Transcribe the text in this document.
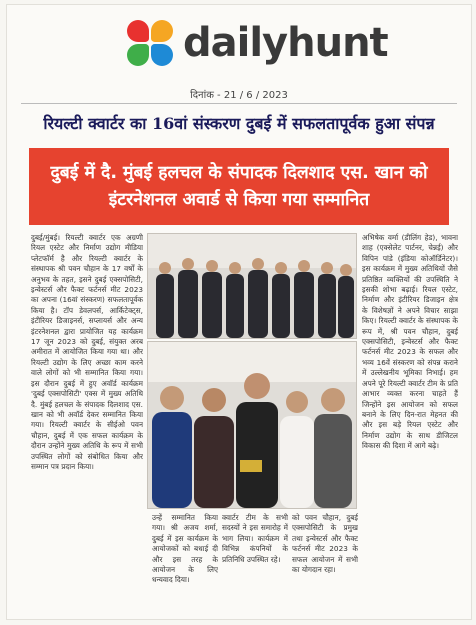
dailyhunt
दिनांक - 21 / 6 / 2023
रियल्टी क्वार्टर का 16वां संस्करण दुबई में सफलतापूर्वक हुआ संपन्न
दुबई में दै. मुंबई हलचल के संपादक दिलशाद एस. खान को
इंटरनेशनल अवार्ड से किया गया सम्मानित
दुबई/मुंबई। रियल्टी क्वार्टर एक अग्रणी रियल एस्टेट और निर्माण उद्योग मीडिया प्लेटफॉर्म है और रियल्टी क्वार्टर के संस्थापक श्री पवन चौहान के 17 वर्षों के अनुभव के तहत, इसने दुबई एक्सपोसिटी, इन्वेस्टर्स और फैक्ट फर्टनर्स मीट 2023 का अपना (16वां संस्करण) सफलतापूर्वक किया है। टॉप डेवलपर्स, आर्किटेक्ट्स, इंटीरियर डिजाइनर्स, सप्लायर्स और अन्य इंटरनेशनल द्वारा प्रायोजित यह कार्यक्रम 17 जून 2023 को दुबई, संयुक्त अरब अमीरात में आयोजित किया गया था। और रियल्टी उद्योग के लिए अच्छा काम करने वाले लोगों को भी सम्मानित किया गया। इस दौरान दुबई में हुए अवॉर्ड कार्यक्रम 'दुबई एक्सपोसिटी' एक्स में मुख्य अतिथि दै. मुंबई हलचल के संपादक दिलशाद एस. खान को भी अवॉर्ड देकर सम्मानित किया गया। रियल्टी क्वार्टर के सीईओ पवन चौहान, दुबई में एक सफल कार्यक्रम के दौरान उन्होंने मुख्य अतिथि के रूप में सभी उपस्थित लोगों को संबोधित किया और सम्मान पत्र प्रदान किया।
उन्हें सम्मानित किया गया। श्री अजय शर्मा, दुबई में इस कार्यक्रम के आयोजकों को बधाई दी और इस तरह के आयोजन के लिए धन्यवाद दिया।
क्वार्टर टीम के सभी सदस्यों ने इस समारोह में भाग लिया। कार्यक्रम में विभिन्न कंपनियों के प्रतिनिधि उपस्थित रहे।
को पवन चौहान, दुबई एक्सपोसिटी के प्रमुख तथा इन्वेस्टर्स और फैक्ट फर्टनर्स मीट 2023 के सफल आयोजन में सभी का योगदान रहा।
अभिषेक वर्मा (डीलिंग हेड), भावना शाह (एक्सेलेट पार्टनर, चेन्नई) और विपिन पांडे (इंडिया कोऑर्डिनेटर)। इस कार्यक्रम में मुख्य अतिथियों जैसे प्रतिष्ठित व्यक्तियों की उपस्थिति ने इसकी शोभा बढ़ाई। रियल एस्टेट, निर्माण और इंटीरियर डिजाइन क्षेत्र के विशेषज्ञों ने अपने विचार साझा किए। रियल्टी क्वार्टर के संस्थापक के रूप में, श्री पवन चौहान, दुबई एक्सपोसिटी, इन्वेस्टर्स और फैक्ट फर्टनर्स मीट 2023 के सफल और भव्य 16वें संस्करण को संपन्न कराने में उल्लेखनीय भूमिका निभाई। हम अपने पूरे रियल्टी क्वार्टर टीम के प्रति आभार व्यक्त करना चाहते हैं जिन्होंने इस आयोजन को सफल बनाने के लिए दिन-रात मेहनत की और इस बड़े रियल एस्टेट और निर्माण उद्योग के साथ डीजिटल विकास की दिशा में आगे बढ़े।
